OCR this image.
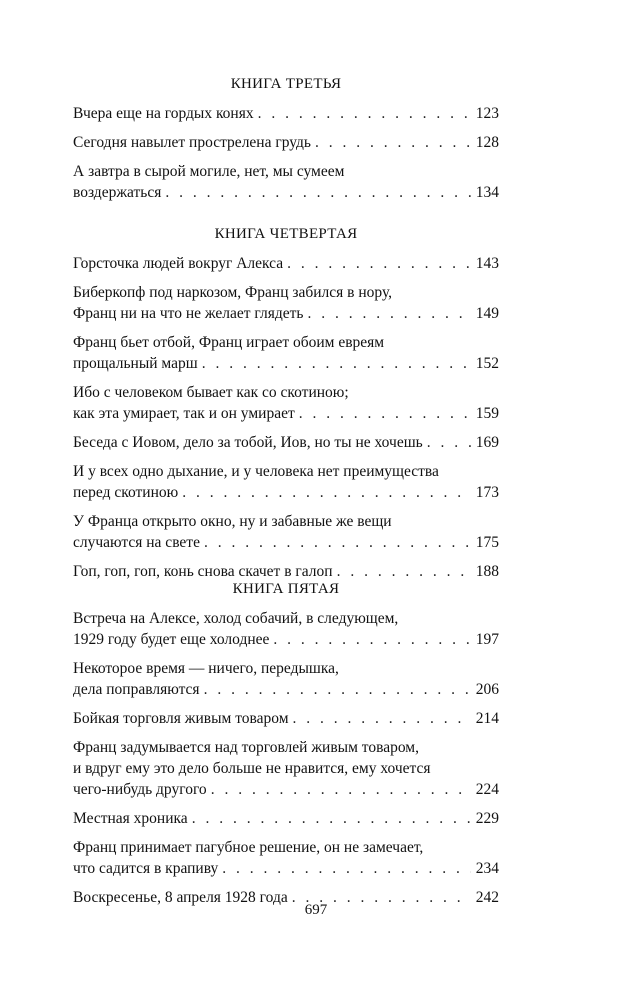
КНИГА ТРЕТЬЯ
Вчера еще на гордых конях . . .	123
Сегодня навылет прострелена грудь . . .	128
А завтра в сырой могиле, нет, мы сумеем
воздержаться . . .	134
КНИГА ЧЕТВЕРТАЯ
Горсточка людей вокруг Алекса . . .	143
Биберкопф под наркозом, Франц забился в нору,
Франц ни на что не желает глядеть . . .	149
Франц бьет отбой, Франц играет обоим евреям
прощальный марш . . .	152
Ибо с человеком бывает как со скотиною;
как эта умирает, так и он умирает . . .	159
Беседа с Иовом, дело за тобой, Иов, но ты не хочешь . . .	169
И у всех одно дыхание, и у человека нет преимущества
перед скотиною . . .	173
У Франца открыто окно, ну и забавные же вещи
случаются на свете . . .	175
Гоп, гоп, гоп, конь снова скачет в галоп . . .	188
КНИГА ПЯТАЯ
Встреча на Алексе, холод собачий, в следующем,
1929 году будет еще холоднее . . .	197
Некоторое время — ничего, передышка,
дела поправляются . . .	206
Бойкая торговля живым товаром . . .	214
Франц задумывается над торговлей живым товаром,
и вдруг ему это дело больше не нравится, ему хочется
чего-нибудь другого . . .	224
Местная хроника . . .	229
Франц принимает пагубное решение, он не замечает,
что садится в крапиву . . .	234
Воскресенье, 8 апреля 1928 года . . .	242
697
